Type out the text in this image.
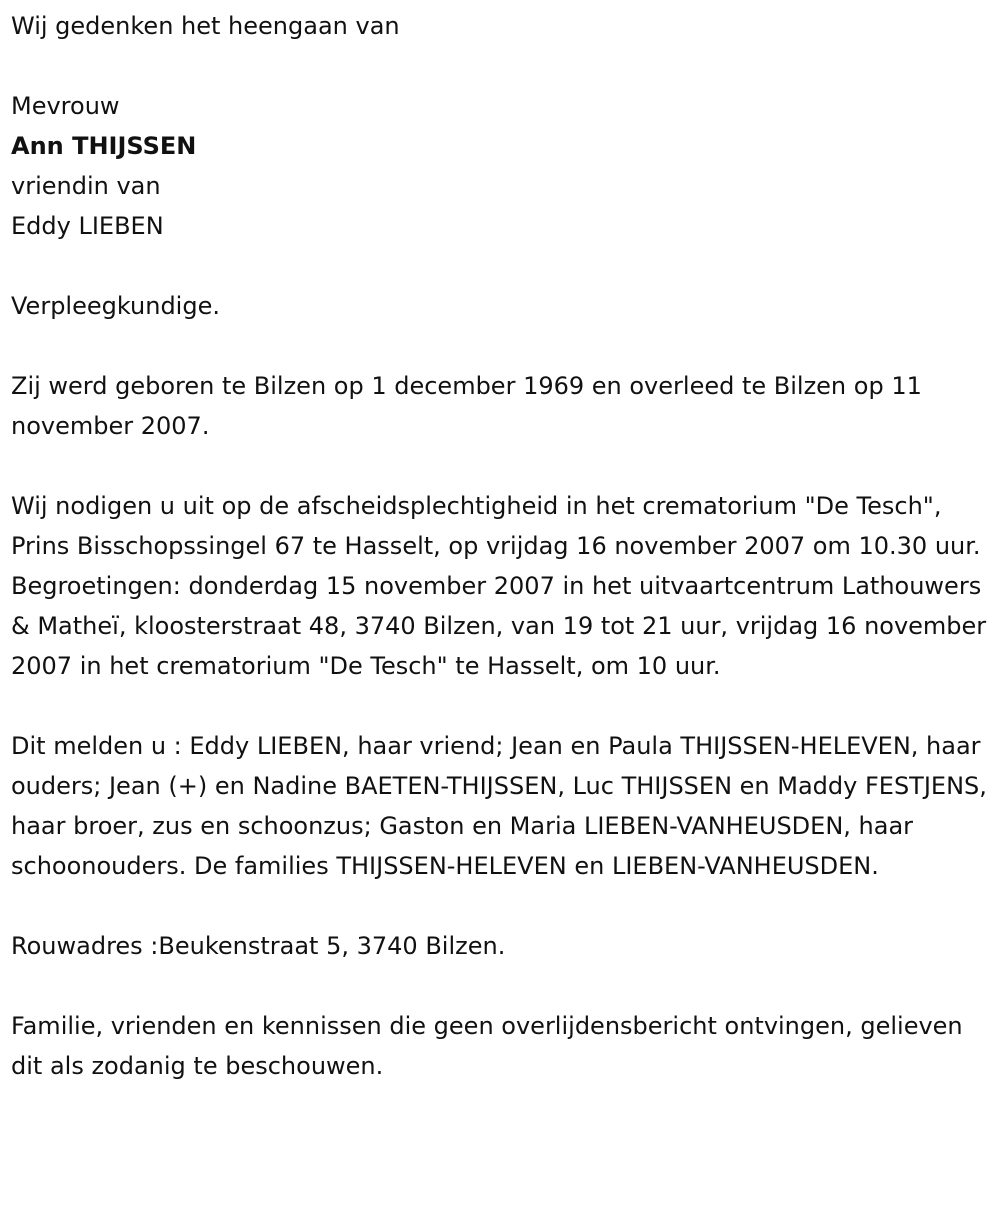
Wij gedenken het heengaan van
Mevrouw
Ann THIJSSEN
vriendin van
Eddy LIEBEN
Verpleegkundige.
Zij werd geboren te Bilzen op 1 december 1969 en overleed te Bilzen op 11 november 2007.
Wij nodigen u uit op de afscheidsplechtigheid in het crematorium "De Tesch", Prins Bisschopssingel 67 te Hasselt, op vrijdag 16 november 2007 om 10.30 uur. Begroetingen: donderdag 15 november 2007 in het uitvaartcentrum Lathouwers & Matheï, kloosterstraat 48, 3740 Bilzen, van 19 tot 21 uur, vrijdag 16 november 2007 in het crematorium "De Tesch" te Hasselt, om 10 uur.
Dit melden u : Eddy LIEBEN, haar vriend; Jean en Paula THIJSSEN-HELEVEN, haar ouders; Jean (+) en Nadine BAETEN-THIJSSEN, Luc THIJSSEN en Maddy FESTJENS, haar broer, zus en schoonzus; Gaston en Maria LIEBEN-VANHEUSDEN, haar schoonouders. De families THIJSSEN-HELEVEN en LIEBEN-VANHEUSDEN.
Rouwadres :Beukenstraat 5, 3740 Bilzen.
Familie, vrienden en kennissen die geen overlijdensbericht ontvingen, gelieven dit als zodanig te beschouwen.
